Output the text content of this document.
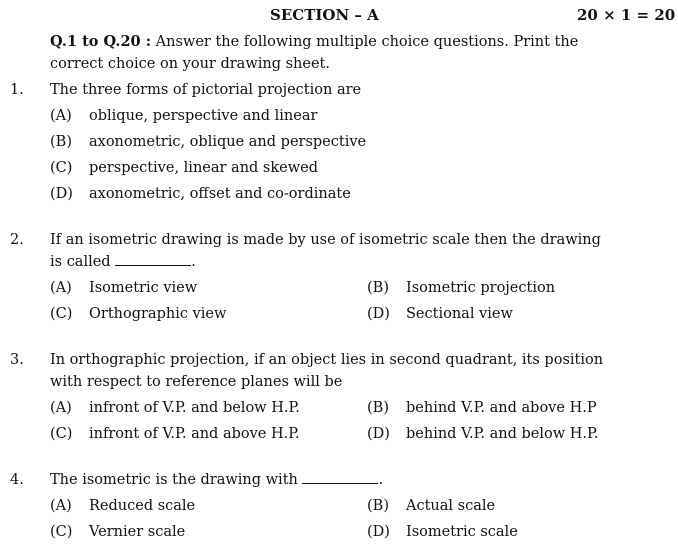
SECTION – A	20 × 1 = 20
Q.1 to Q.20 : Answer the following multiple choice questions. Print the
correct choice on your drawing sheet.
1. The three forms of pictorial projection are
(A) oblique, perspective and linear
(B) axonometric, oblique and perspective
(C) perspective, linear and skewed
(D) axonometric, offset and co-ordinate
2. If an isometric drawing is made by use of isometric scale then the drawing
is called	.
(A) Isometric view	(B) Isometric projection
(C) Orthographic view	(D) Sectional view
3. In orthographic projection, if an object lies in second quadrant, its position
with respect to reference planes will be
(A) infront of V.P. and below H.P.	(B) behind V.P. and above H.P
(C) infront of V.P. and above H.P.	(D) behind V.P. and below H.P.
4. The isometric is the drawing with	.
(A) Reduced scale	(B) Actual scale
(C) Vernier scale	(D) Isometric scale
